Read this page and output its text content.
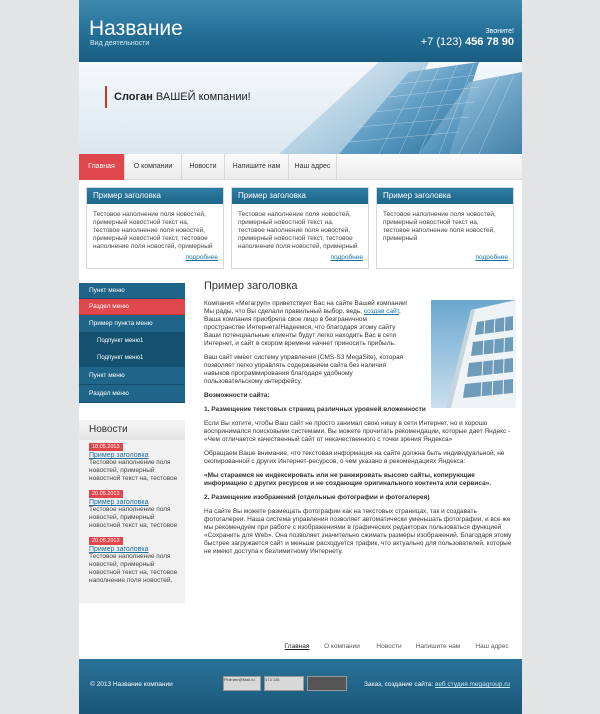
Название
Вид деятельности
Звоните!
+7 (123) 456 78 90
Слоган ВАШЕЙ компании!
Главная	О компании	Новости	Напишите нам	Наш адрес
Пример заголовка
Тестовое наполнение поля новостей, примерный новостной текст на, тестовое наполнение поля новостей, примерный новостной текст, тестовое наполнение поля новостей, примерный
подробнее
Пример заголовка
Тестовое наполнение поля новостей, примерный новостной текст на, тестовое наполнение поля новостей, примерный новостной текст, тестовое наполнение поля новостей, примерный
подробнее
Пример заголовка
Тестовое наполнение поля новостей, примерный новостной текст на, тестовое наполнение поля новостей, примерный
подробнее
Пункт меню
Раздел меню
Пример пункта меню
Подпункт меню1
Подпункт меню1
Пункт меню
Раздел меню
Новости
18.05.2013
Пример заголовка
Тестовое наполнение поля новостей, примерный новостной текст на, тестовое
20.05.2013
Пример заголовка
Тестовое наполнение поля новостей, примерный новостной текст на, тестовое
20.05.2013
Пример заголовка
Тестовое наполнение поля новостей, примерный новостной текст на, тестовое наполнение поля новостей,
Пример заголовка

Компания «Мегагруп» приветствует Вас на сайте Вашей компании! Мы рады, что Вы сделали правильный выбор, ведь, создав сайт, Ваша компания приобрела свое лицо в безграничном пространстве Интернета!Надеемся, что благодаря этому сайту Ваши потенциальные клиенты будут легко находить Вас в сети Интернет, и сайт в скором времени начнет приносить прибыль.

Ваш сайт имеет систему управления (CMS-S3 MegaSite), которая позволяет легко управлять содержанием сайта без наличия навыков программирования благодаря удобному пользовательскому интерфейсу.

Возможности сайта:

1. Размещение текстовых страниц различных уровней вложенности

Если Вы хотите, чтобы Ваш сайт не просто занимал свою нишу в сети Интернет, но и хорошо воспринимался поисковыми системами, Вы можете прочитать рекомендации, которые дает Яндекс - «Чем отличается качественный сайт от некачественного с точки зрения Яндекса»

Обращаем Ваше внимание, что текстовая информация на сайте должна быть индивидуальной, не скопированной с других Интернет-ресурсов, о чем указано в рекомендациях Яндекса:

«Мы стараемся не индексировать или не ранжировать высоко сайты, копирующие информацию с других ресурсов и не создающие оригинального контента или сервиса».

2. Размещение изображений (отдельные фотографии и фотогалерея)

На сайте Вы можете размещать фотографии как на текстовых страницах, так и создавать фотогалереи. Наша система управления позволяет автоматически уменьшать фотографии, и все же мы рекомендуем при работе с изображениями в графических редакторах пользоваться функцией «Сохранить для Web». Она позволяет значительно сжимать размеры изображений. Благодаря этому быстрее загружается сайт и меньше расходуется трафик, что актуально для пользователей, которые не имеют доступа к безлимитному Интернету.

Главная	О компании	Новости	Напишите нам	Наш адрес
© 2013 Название компании
Рейтинг@Mail.ru	473 135
Заказ, создание сайта: веб студия megagroup.ru
